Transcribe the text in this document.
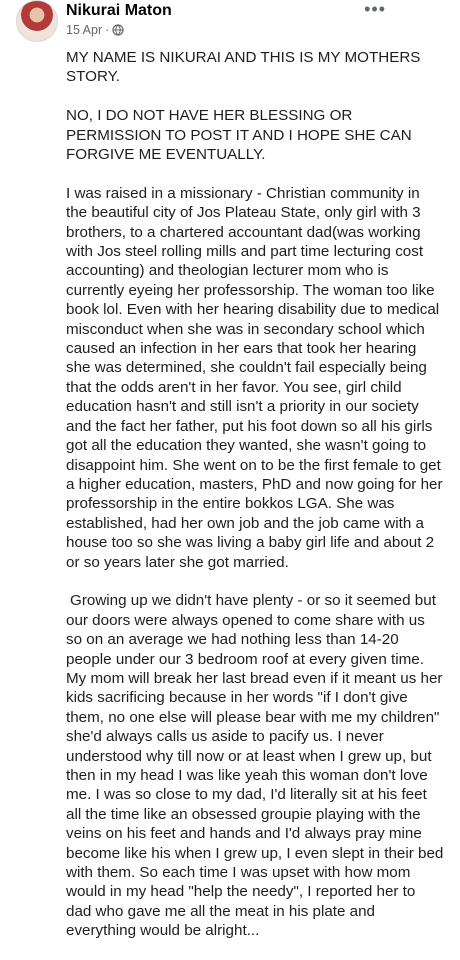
Nikurai Maton
15 Apr ·
•••

MY NAME IS NIKURAI AND THIS IS MY MOTHERS STORY.

NO, I DO NOT HAVE HER BLESSING OR PERMISSION TO POST IT AND I HOPE SHE CAN FORGIVE ME EVENTUALLY.

I was raised in a missionary - Christian community in the beautiful city of Jos Plateau State, only girl with 3 brothers, to a chartered accountant dad(was working with Jos steel rolling mills and part time lecturing cost accounting) and theologian lecturer mom who is currently eyeing her professorship. The woman too like book lol. Even with her hearing disability due to medical misconduct when she was in secondary school which caused an infection in her ears that took her hearing she was determined, she couldn't fail especially being that the odds aren't in her favor. You see, girl child education hasn't and still isn't a priority in our society and the fact her father, put his foot down so all his girls got all the education they wanted, she wasn't going to disappoint him. She went on to be the first female to get a higher education, masters, PhD and now going for her professorship in the entire bokkos LGA. She was established, had her own job and the job came with a house too so she was living a baby girl life and about 2 or so years later she got married.

Growing up we didn't have plenty - or so it seemed but our doors were always opened to come share with us so on an average we had nothing less than 14-20 people under our 3 bedroom roof at every given time. My mom will break her last bread even if it meant us her kids sacrificing because in her words "if I don't give them, no one else will please bear with me my children" she'd always calls us aside to pacify us. I never understood why till now or at least when I grew up, but then in my head I was like yeah this woman don't love me. I was so close to my dad, I'd literally sit at his feet all the time like an obsessed groupie playing with the veins on his feet and hands and I'd always pray mine become like his when I grew up, I even slept in their bed with them. So each time I was upset with how mom would in my head "help the needy", I reported her to dad who gave me all the meat in his plate and everything would be alright...
